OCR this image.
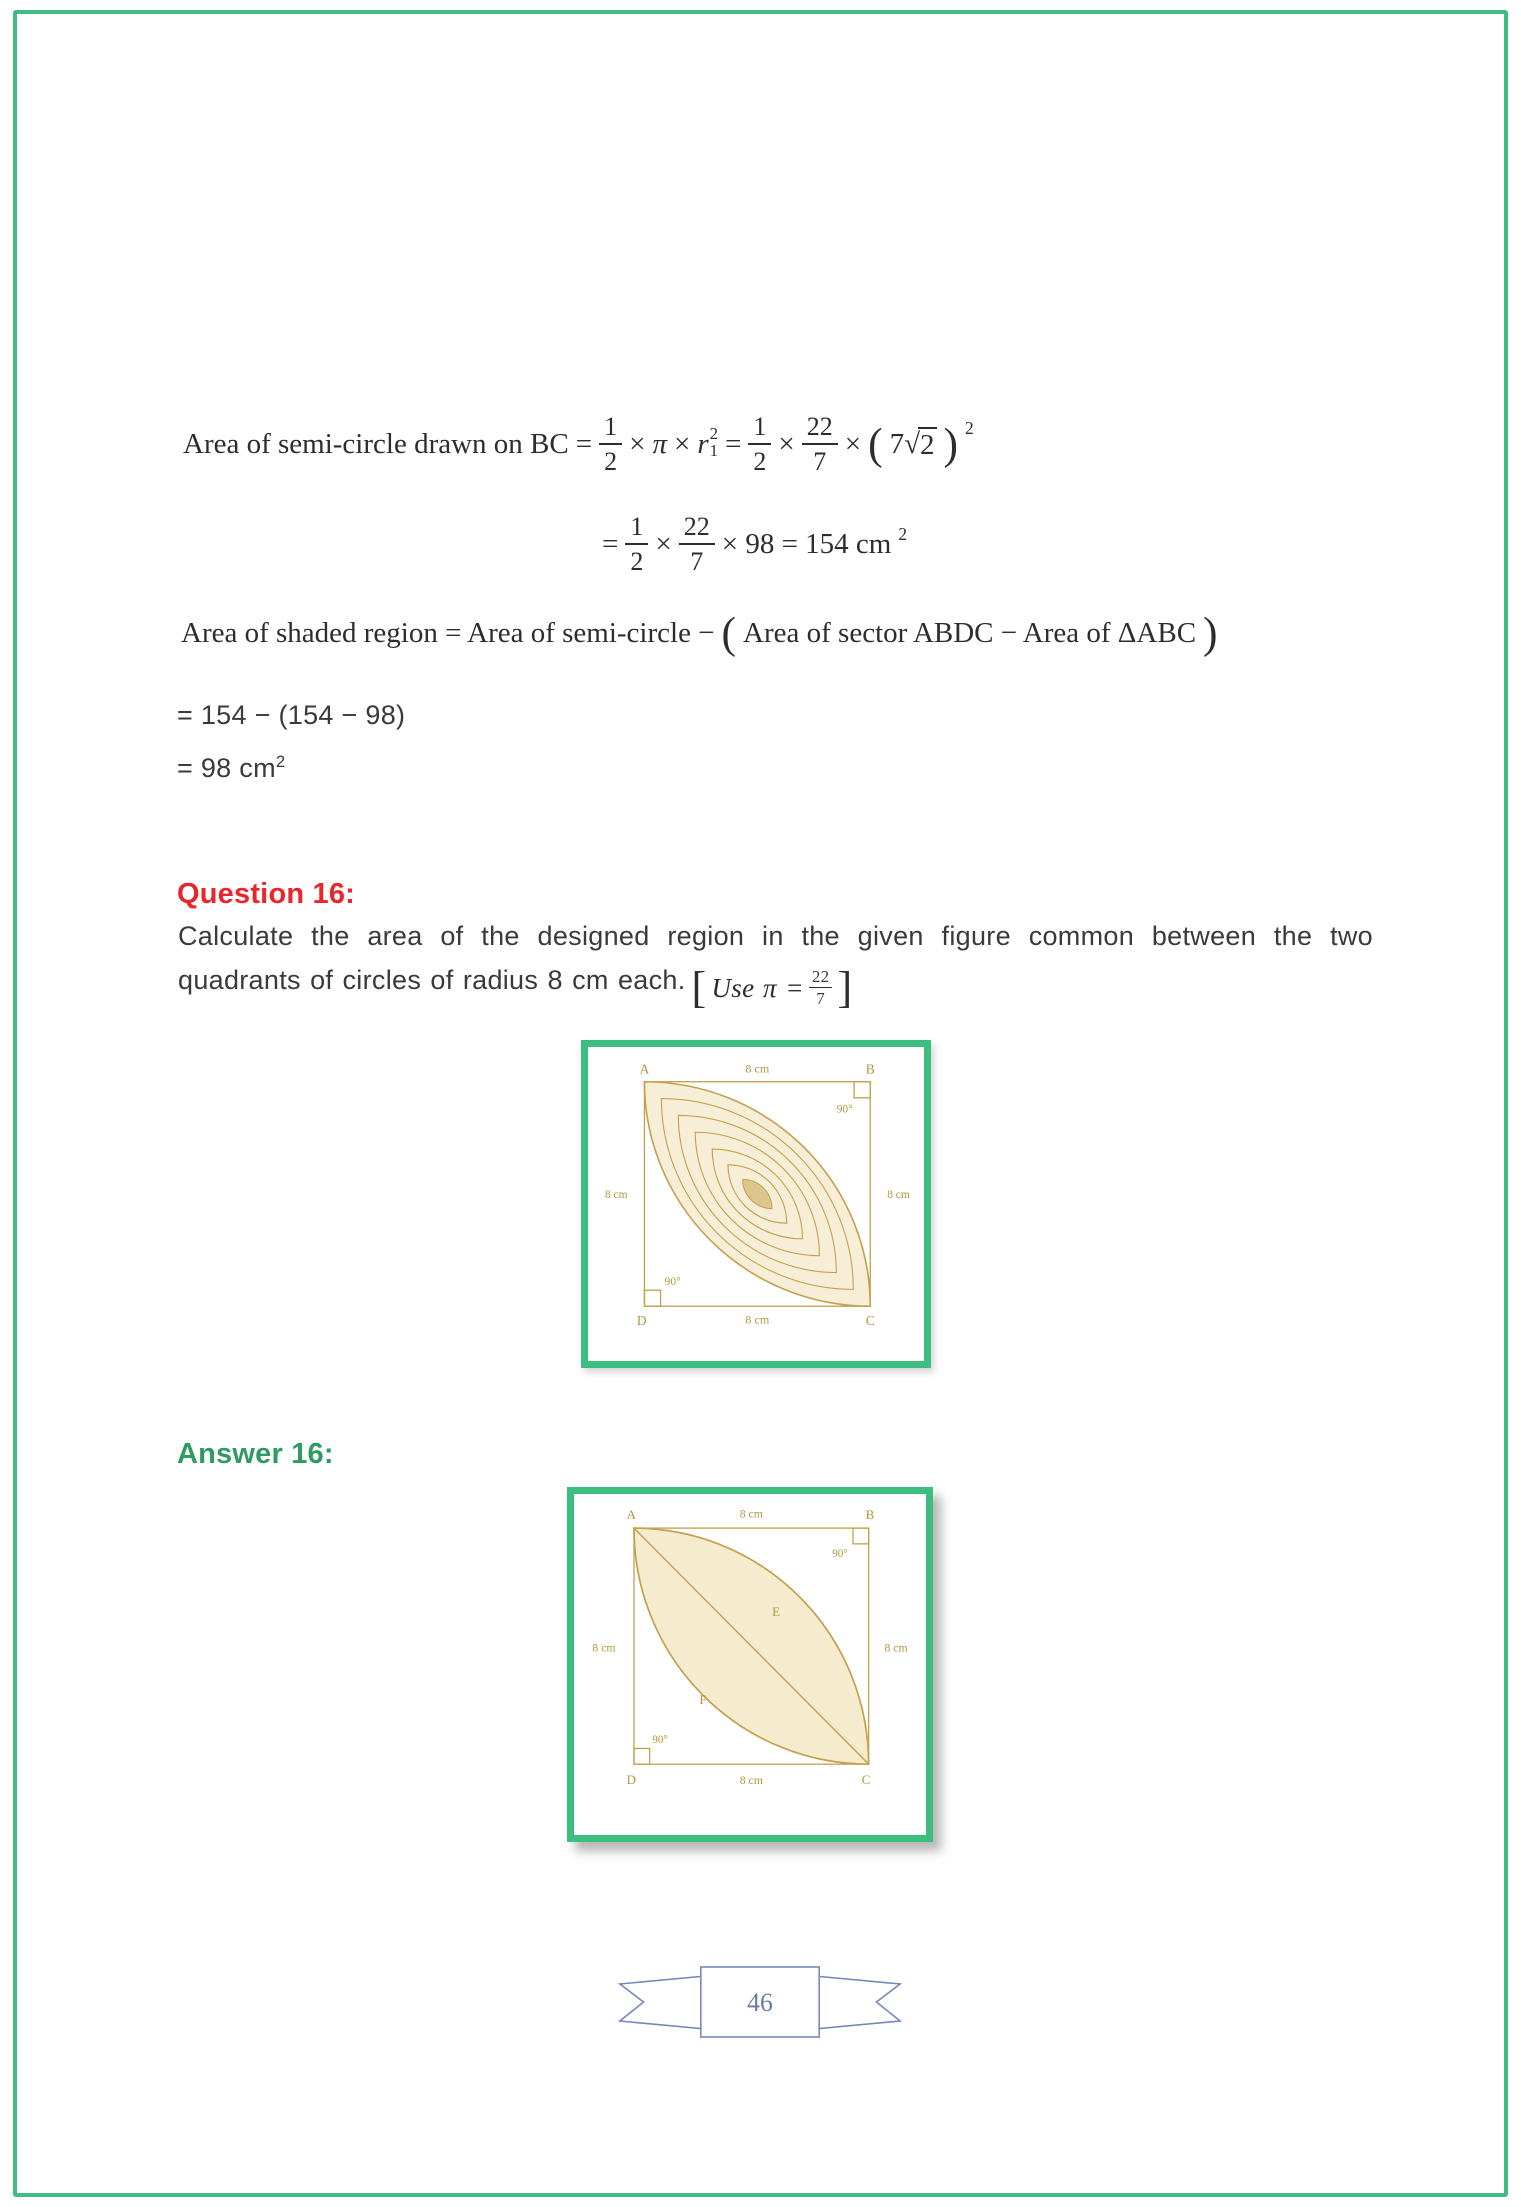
Area of semi-circle drawn on BC = $\frac{1}{2} \times \pi \times r$ 2
$1 = \frac{1}{2} \times \frac{22}{7}$ × ( 7 √ 2 ) 2
= $\frac{1}{2} \times \frac{22}{7} \times 98 = 154$ cm 2
Area of shaded region = Area of semi-circle − ( Area of sector ABDC − Area of ΔABC )
= 154 − (154 − 98)
= 98 $cm^2$
Question 16:
Calculate the area of the designed region in the given figure common between the two quadrants of circles of radius 8 cm each. [ Use $\pi = \frac{22}{7}$ ]
A	B
8 cm
D	C
8 cm
8 cm	8 cm
90°
90°
Answer 16:
A	B
8 cm
D	C
8 cm
8 cm	8 cm
90°
90°
E
F
46
